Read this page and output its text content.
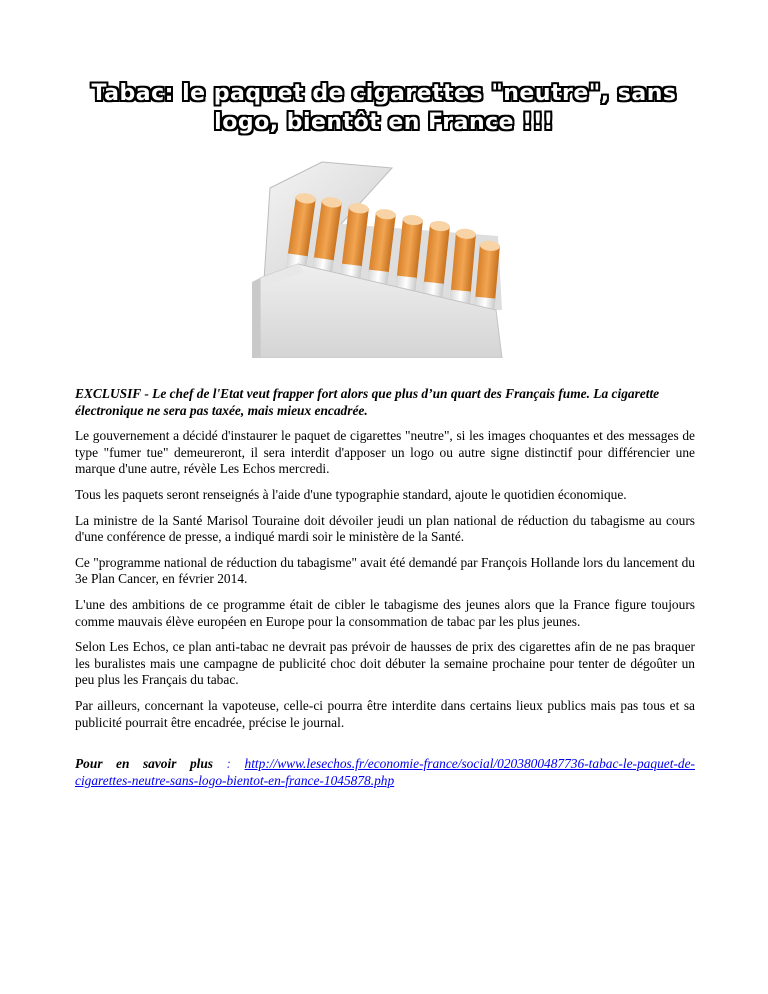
Tabac: le paquet de cigarettes "neutre", sans logo, bientôt en France !!!

EXCLUSIF - Le chef de l'Etat veut frapper fort alors que plus d’un quart des Français fume. La cigarette électronique ne sera pas taxée, mais mieux encadrée.

Le gouvernement a décidé d'instaurer le paquet de cigarettes "neutre", si les images choquantes et des messages de type "fumer tue" demeureront, il sera interdit d'apposer un logo ou autre signe distinctif pour différencier une marque d'une autre, révèle Les Echos mercredi.

Tous les paquets seront renseignés à l'aide d'une typographie standard, ajoute le quotidien économique.

La ministre de la Santé Marisol Touraine doit dévoiler jeudi un plan national de réduction du tabagisme au cours d'une conférence de presse, a indiqué mardi soir le ministère de la Santé.

Ce "programme national de réduction du tabagisme" avait été demandé par François Hollande lors du lancement du 3e Plan Cancer, en février 2014.

L'une des ambitions de ce programme était de cibler le tabagisme des jeunes alors que la France figure toujours comme mauvais élève européen en Europe pour la consommation de tabac par les plus jeunes.

Selon Les Echos, ce plan anti-tabac ne devrait pas prévoir de hausses de prix des cigarettes afin de ne pas braquer les buralistes mais une campagne de publicité choc doit débuter la semaine prochaine pour tenter de dégoûter un peu plus les Français du tabac.

Par ailleurs, concernant la vapoteuse, celle-ci pourra être interdite dans certains lieux publics mais pas tous et sa publicité pourrait être encadrée, précise le journal.

Pour en savoir plus : http://www.lesechos.fr/economie-france/social/0203800487736-tabac-le-paquet-de-cigarettes-neutre-sans-logo-bientot-en-france-1045878.php
